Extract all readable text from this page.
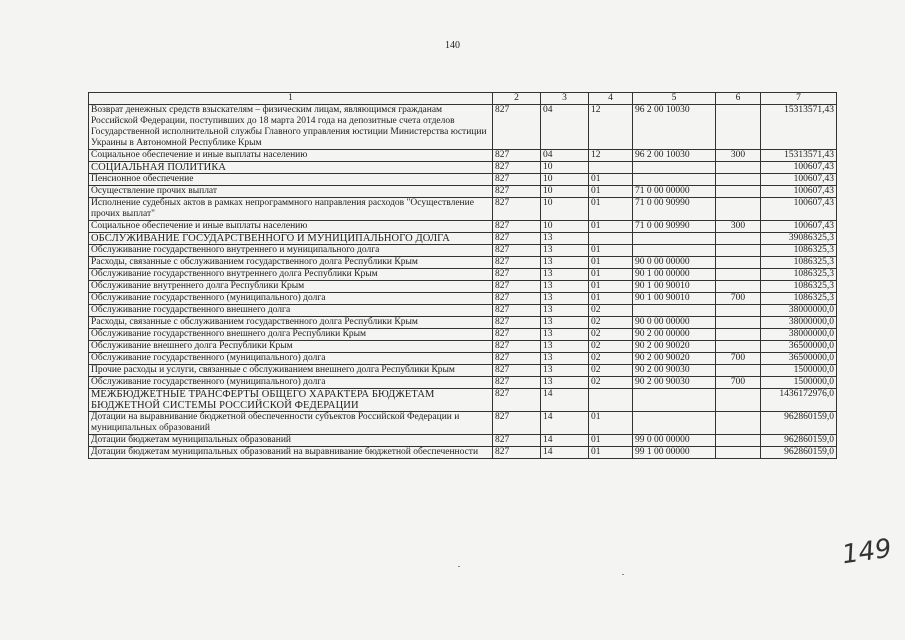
140
1	2	3	4	5	6	7
Возврат денежных средств взыскателям – физическим лицам, являющимся гражданам Российской Федерации, поступивших до 18 марта 2014 года на депозитные счета отделов Государственной исполнительной службы Главного управления юстиции Министерства юстиции Украины в Автономной Республике Крым	827	04	12	96 2 00 10030		15313571,43
Социальное обеспечение и иные выплаты населению	827	04	12	96 2 00 10030	300	15313571,43
СОЦИАЛЬНАЯ ПОЛИТИКА	827	10				100607,43
Пенсионное обеспечение	827	10	01			100607,43
Осуществление прочих выплат	827	10	01	71 0 00 00000		100607,43
Исполнение судебных актов в рамках непрограммного направления расходов "Осуществление прочих выплат"	827	10	01	71 0 00 90990		100607,43
Социальное обеспечение и иные выплаты населению	827	10	01	71 0 00 90990	300	100607,43
ОБСЛУЖИВАНИЕ ГОСУДАРСТВЕННОГО И МУНИЦИПАЛЬНОГО ДОЛГА	827	13				39086325,3
Обслуживание государственного внутреннего и муниципального долга	827	13	01			1086325,3
Расходы, связанные с обслуживанием государственного долга Республики Крым	827	13	01	90 0 00 00000		1086325,3
Обслуживание государственного внутреннего долга Республики Крым	827	13	01	90 1 00 00000		1086325,3
Обслуживание внутреннего долга Республики Крым	827	13	01	90 1 00 90010		1086325,3
Обслуживание государственного (муниципального) долга	827	13	01	90 1 00 90010	700	1086325,3
Обслуживание государственного внешнего долга	827	13	02			38000000,0
Расходы, связанные с обслуживанием государственного долга Республики Крым	827	13	02	90 0 00 00000		38000000,0
Обслуживание государственного внешнего долга Республики Крым	827	13	02	90 2 00 00000		38000000,0
Обслуживание внешнего долга Республики Крым	827	13	02	90 2 00 90020		36500000,0
Обслуживание государственного (муниципального) долга	827	13	02	90 2 00 90020	700	36500000,0
Прочие расходы и услуги, связанные с обслуживанием внешнего долга Республики Крым	827	13	02	90 2 00 90030		1500000,0
Обслуживание государственного (муниципального) долга	827	13	02	90 2 00 90030	700	1500000,0
МЕЖБЮДЖЕТНЫЕ ТРАНСФЕРТЫ ОБЩЕГО ХАРАКТЕРА БЮДЖЕТАМ БЮДЖЕТНОЙ СИСТЕМЫ РОССИЙСКОЙ ФЕДЕРАЦИИ	827	14				1436172976,0
Дотации на выравнивание бюджетной обеспеченности субъектов Российской Федерации и муниципальных образований	827	14	01			962860159,0
Дотации бюджетам муниципальных образований	827	14	01	99 0 00 00000		962860159,0
Дотации бюджетам муниципальных образований на выравнивание бюджетной обеспеченности	827	14	01	99 1 00 00000		962860159,0
149
